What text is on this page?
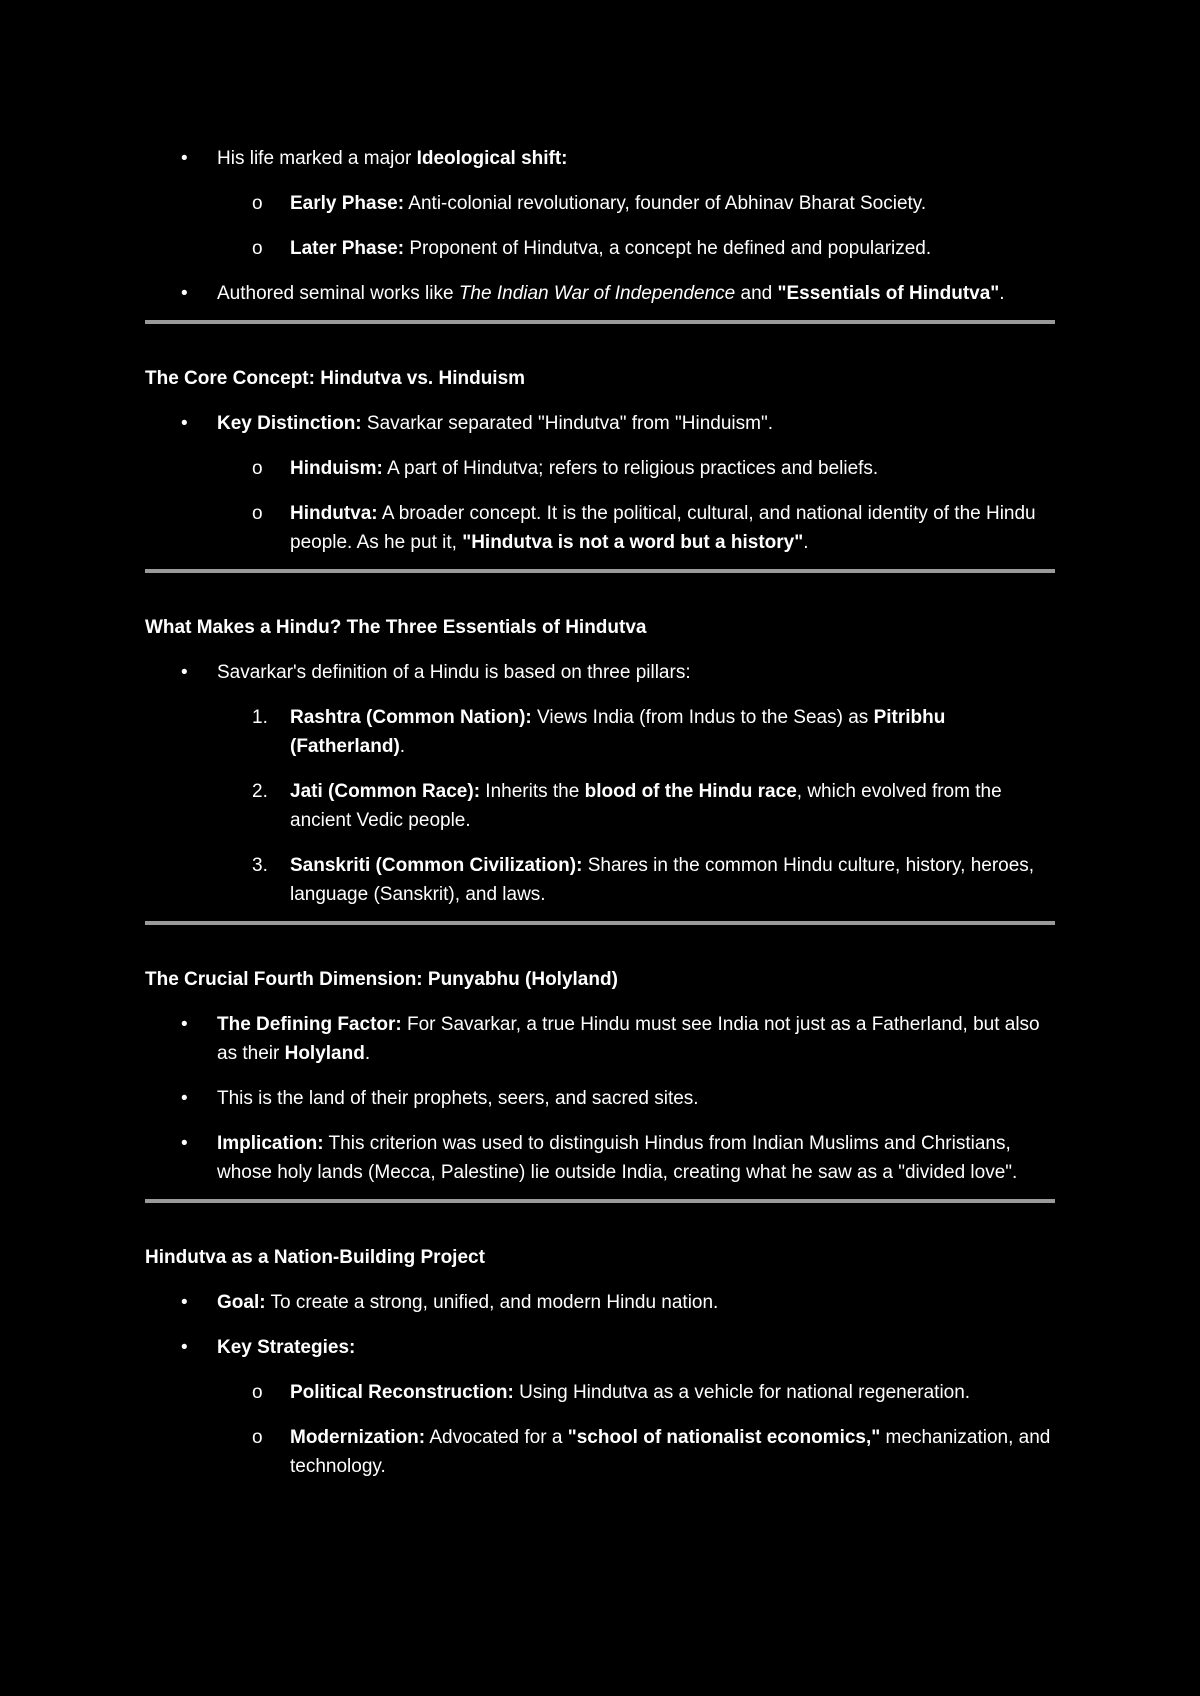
• His life marked a major Ideological shift:
o Early Phase: Anti-colonial revolutionary, founder of Abhinav Bharat Society.
o Later Phase: Proponent of Hindutva, a concept he defined and popularized.
• Authored seminal works like The Indian War of Independence and "Essentials of Hindutva".

The Core Concept: Hindutva vs. Hinduism

• Key Distinction: Savarkar separated "Hindutva" from "Hinduism".
o Hinduism: A part of Hindutva; refers to religious practices and beliefs.
o Hindutva: A broader concept. It is the political, cultural, and national identity of the Hindu people. As he put it, "Hindutva is not a word but a history".

What Makes a Hindu? The Three Essentials of Hindutva

• Savarkar's definition of a Hindu is based on three pillars:
1.	Rashtra (Common Nation): Views India (from Indus to the Seas) as Pitribhu (Fatherland).
2.	Jati (Common Race): Inherits the blood of the Hindu race, which evolved from the ancient Vedic people.
3.	Sanskriti (Common Civilization): Shares in the common Hindu culture, history, heroes, language (Sanskrit), and laws.

The Crucial Fourth Dimension: Punyabhu (Holyland)

• The Defining Factor: For Savarkar, a true Hindu must see India not just as a Fatherland, but also as their Holyland.
• This is the land of their prophets, seers, and sacred sites.
• Implication: This criterion was used to distinguish Hindus from Indian Muslims and Christians, whose holy lands (Mecca, Palestine) lie outside India, creating what he saw as a "divided love".

Hindutva as a Nation-Building Project

• Goal: To create a strong, unified, and modern Hindu nation.
• Key Strategies:
o Political Reconstruction: Using Hindutva as a vehicle for national regeneration.
o Modernization: Advocated for a "school of nationalist economics," mechanization, and technology.
